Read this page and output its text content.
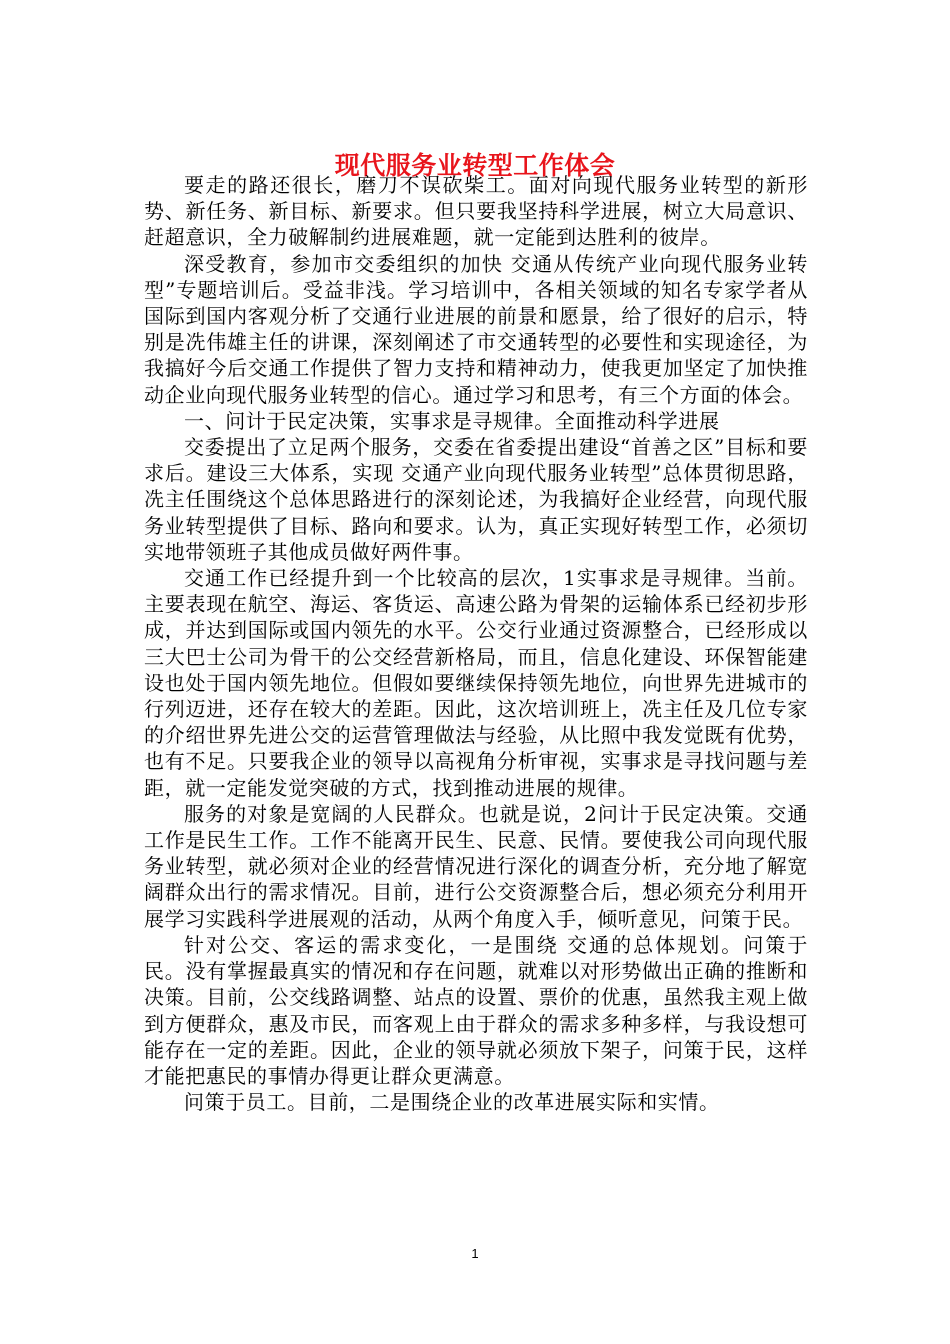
现代服务业转型工作体会

要走的路还很长，磨刀不误砍柴工。面对向现代服务业转型的新形势、新任务、新目标、新要求。但只要我坚持科学进展，树立大局意识、赶超意识，全力破解制约进展难题，就一定能到达胜利的彼岸。

深受教育，参加市交委组织的加快 交通从传统产业向现代服务业转型”专题培训后。受益非浅。学习培训中，各相关领域的知名专家学者从国际到国内客观分析了交通行业进展的前景和愿景，给了很好的启示，特别是冼伟雄主任的讲课，深刻阐述了市交通转型的必要性和实现途径，为我搞好今后交通工作提供了智力支持和精神动力，使我更加坚定了加快推动企业向现代服务业转型的信心。通过学习和思考，有三个方面的体会。

一、问计于民定决策，实事求是寻规律。全面推动科学进展

交委提出了立足两个服务，交委在省委提出建设“首善之区”目标和要求后。建设三大体系，实现 交通产业向现代服务业转型”总体贯彻思路，冼主任围绕这个总体思路进行的深刻论述，为我搞好企业经营，向现代服务业转型提供了目标、路向和要求。认为，真正实现好转型工作，必须切实地带领班子其他成员做好两件事。

交通工作已经提升到一个比较高的层次，1实事求是寻规律。当前。主要表现在航空、海运、客货运、高速公路为骨架的运输体系已经初步形成，并达到国际或国内领先的水平。公交行业通过资源整合，已经形成以三大巴士公司为骨干的公交经营新格局，而且，信息化建设、环保智能建设也处于国内领先地位。但假如要继续保持领先地位，向世界先进城市的行列迈进，还存在较大的差距。因此，这次培训班上，冼主任及几位专家的介绍世界先进公交的运营管理做法与经验，从比照中我发觉既有优势，也有不足。只要我企业的领导以高视角分析审视，实事求是寻找问题与差距，就一定能发觉突破的方式，找到推动进展的规律。

服务的对象是宽阔的人民群众。也就是说，2问计于民定决策。交通工作是民生工作。工作不能离开民生、民意、民情。要使我公司向现代服务业转型，就必须对企业的经营情况进行深化的调查分析，充分地了解宽阔群众出行的需求情况。目前，进行公交资源整合后，想必须充分利用开展学习实践科学进展观的活动，从两个角度入手，倾听意见，问策于民。

针对公交、客运的需求变化，一是围绕 交通的总体规划。问策于民。没有掌握最真实的情况和存在问题，就难以对形势做出正确的推断和决策。目前，公交线路调整、站点的设置、票价的优惠，虽然我主观上做到方便群众，惠及市民，而客观上由于群众的需求多种多样，与我设想可能存在一定的差距。因此，企业的领导就必须放下架子，问策于民，这样才能把惠民的事情办得更让群众更满意。

问策于员工。目前，二是围绕企业的改革进展实际和实情。

1
